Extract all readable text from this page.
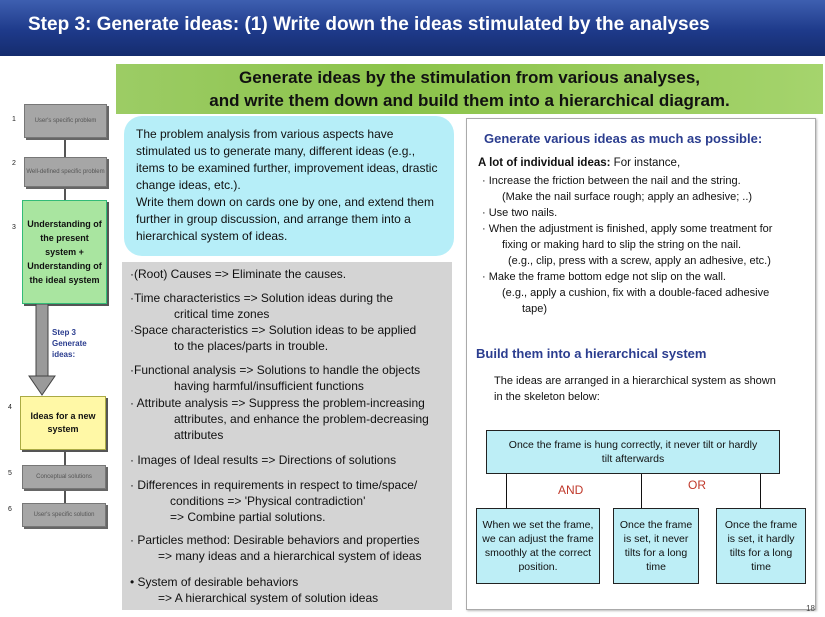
Step 3: Generate ideas: (1) Write down the ideas stimulated by the analyses
Generate ideas by the stimulation from various analyses,
and write them down and build them into a hierarchical diagram.
1	User's specific problem
2
Well-defined specific problem
3 Understanding of the present system + Understanding of the ideal system
Step 3 Generate ideas:
4
Ideas for a new system
5	Conceptual solutions
6
User's specific solution
The problem analysis from various aspects have stimulated us to generate many, different ideas (e.g., items to be examined further, improvement ideas, drastic change ideas, etc.).
Write them down on cards one by one, and extend them further in group discussion, and arrange them into a hierarchical system of ideas.
·(Root) Causes => Eliminate the causes.
·Time characteristics => Solution ideas during the
critical time zones
·Space characteristics => Solution ideas to be applied
to the places/parts in trouble.
·Functional analysis => Solutions to handle the objects
having harmful/insufficient functions
· Attribute analysis => Suppress the problem-increasing
attributes, and enhance the problem-decreasing attributes
· Images of Ideal results => Directions of solutions
· Differences in requirements in respect to time/space/
conditions => 'Physical contradiction'
=> Combine partial solutions.
· Particles method: Desirable behaviors and properties
=> many ideas and a hierarchical system of ideas
• System of desirable behaviors
=> A hierarchical system of solution ideas
Generate various ideas as much as possible:
A lot of individual ideas: For instance,
· Increase the friction between the nail and the string.
(Make the nail surface rough; apply an adhesive; ..)
· Use two nails.
· When the adjustment is finished, apply some treatment for
fixing or making hard to slip the string on the nail.
(e.g., clip, press with a screw, apply an adhesive, etc.)
· Make the frame bottom edge not slip on the wall.
(e.g., apply a cushion, fix with a double-faced adhesive
tape)
Build them into a hierarchical system
The ideas are arranged in a hierarchical system as shown in the skeleton below:
Once the frame is hung correctly, it never tilt or hardly tilt afterwards
AND	OR
When we set the frame, we can adjust the frame smoothly at the correct position.
Once the frame is set, it never tilts for a long time
Once the frame is set, it hardly tilts for a long time
18
